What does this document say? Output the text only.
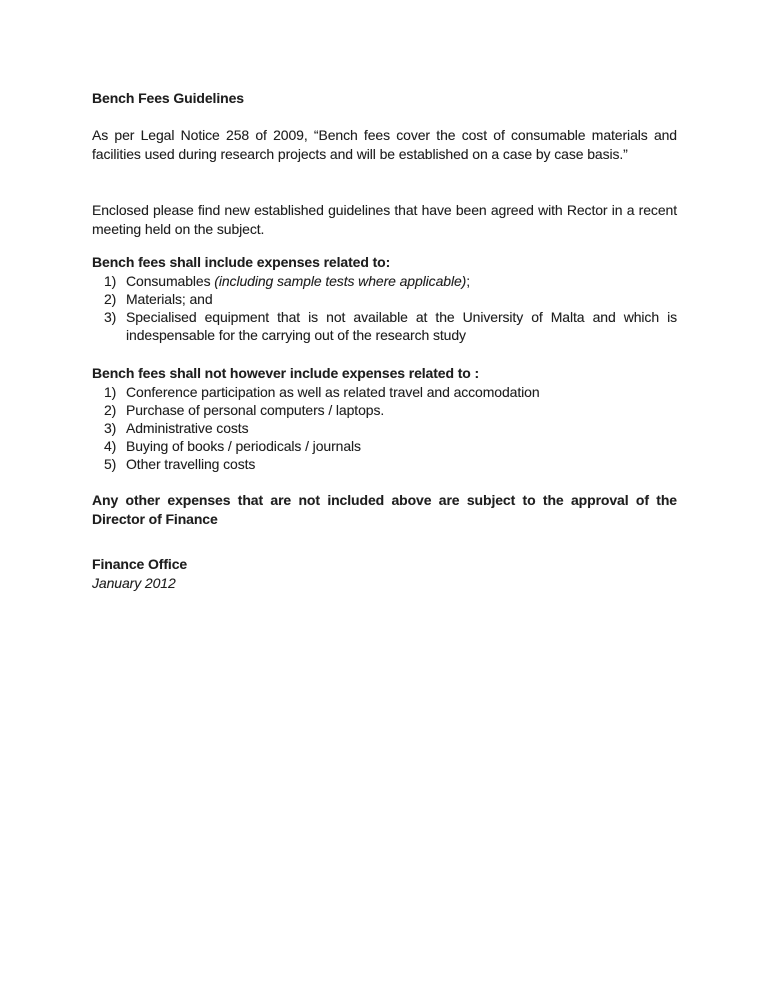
Bench Fees Guidelines

As per Legal Notice 258 of 2009, “Bench fees cover the cost of consumable materials and facilities used during research projects and will be established on a case by case basis.”

Enclosed please find new established guidelines that have been agreed with Rector in a recent meeting held on the subject.

Bench fees shall include expenses related to:
1) Consumables (including sample tests where applicable);
2) Materials; and
3) Specialised equipment that is not available at the University of Malta and which is indespensable for the carrying out of the research study
Bench fees shall not however include expenses related to :
1) Conference participation as well as related travel and accomodation
2) Purchase of personal computers / laptops.
3) Administrative costs
4) Buying of books / periodicals / journals
5) Other travelling costs

Any other expenses that are not included above are subject to the approval of the Director of Finance

Finance Office
January 2012
